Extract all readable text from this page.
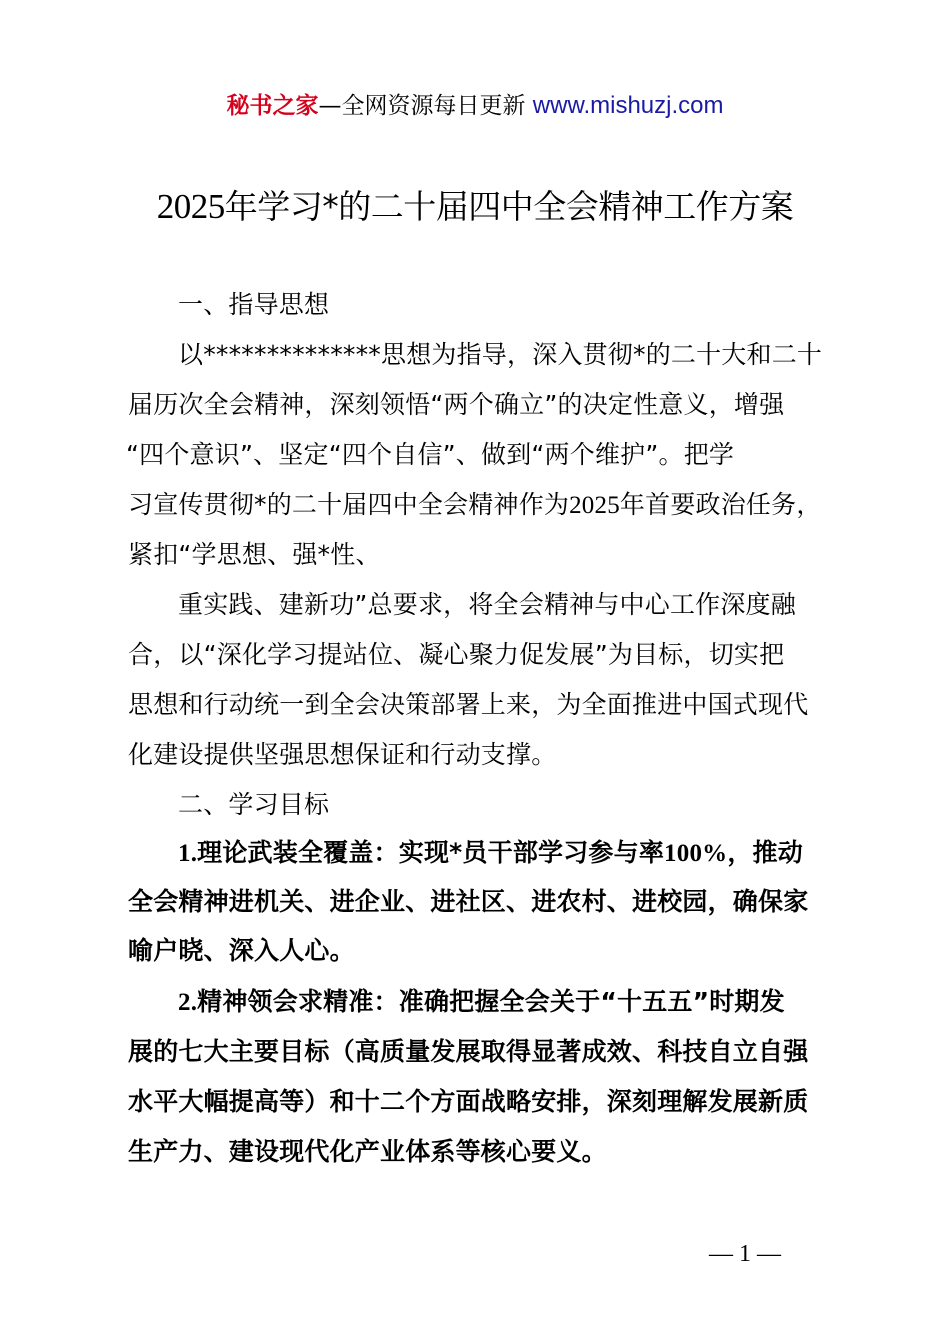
秘书之家—全网资源每日更新 www.mishuzj.com
2025年学习*的二十届四中全会精神工作方案
一、指导思想
以**************思想为指导，深入贯彻*的二十大和二十
届历次全会精神，深刻领悟“两个确立”的决定性意义，增强
“四个意识”、坚定“四个自信”、做到“两个维护”。把学
习宣传贯彻*的二十届四中全会精神作为2025年首要政治任务，
紧扣“学思想、强*性、
重实践、建新功”总要求，将全会精神与中心工作深度融
合，以“深化学习提站位、凝心聚力促发展”为目标，切实把
思想和行动统一到全会决策部署上来，为全面推进中国式现代
化建设提供坚强思想保证和行动支撑。
二、学习目标
1.理论武装全覆盖：实现*员干部学习参与率100%，推动
全会精神进机关、进企业、进社区、进农村、进校园，确保家
喻户晓、深入人心。
2.精神领会求精准：准确把握全会关于“十五五”时期发
展的七大主要目标（高质量发展取得显著成效、科技自立自强
水平大幅提高等）和十二个方面战略安排，深刻理解发展新质
生产力、建设现代化产业体系等核心要义。
— 1 —
